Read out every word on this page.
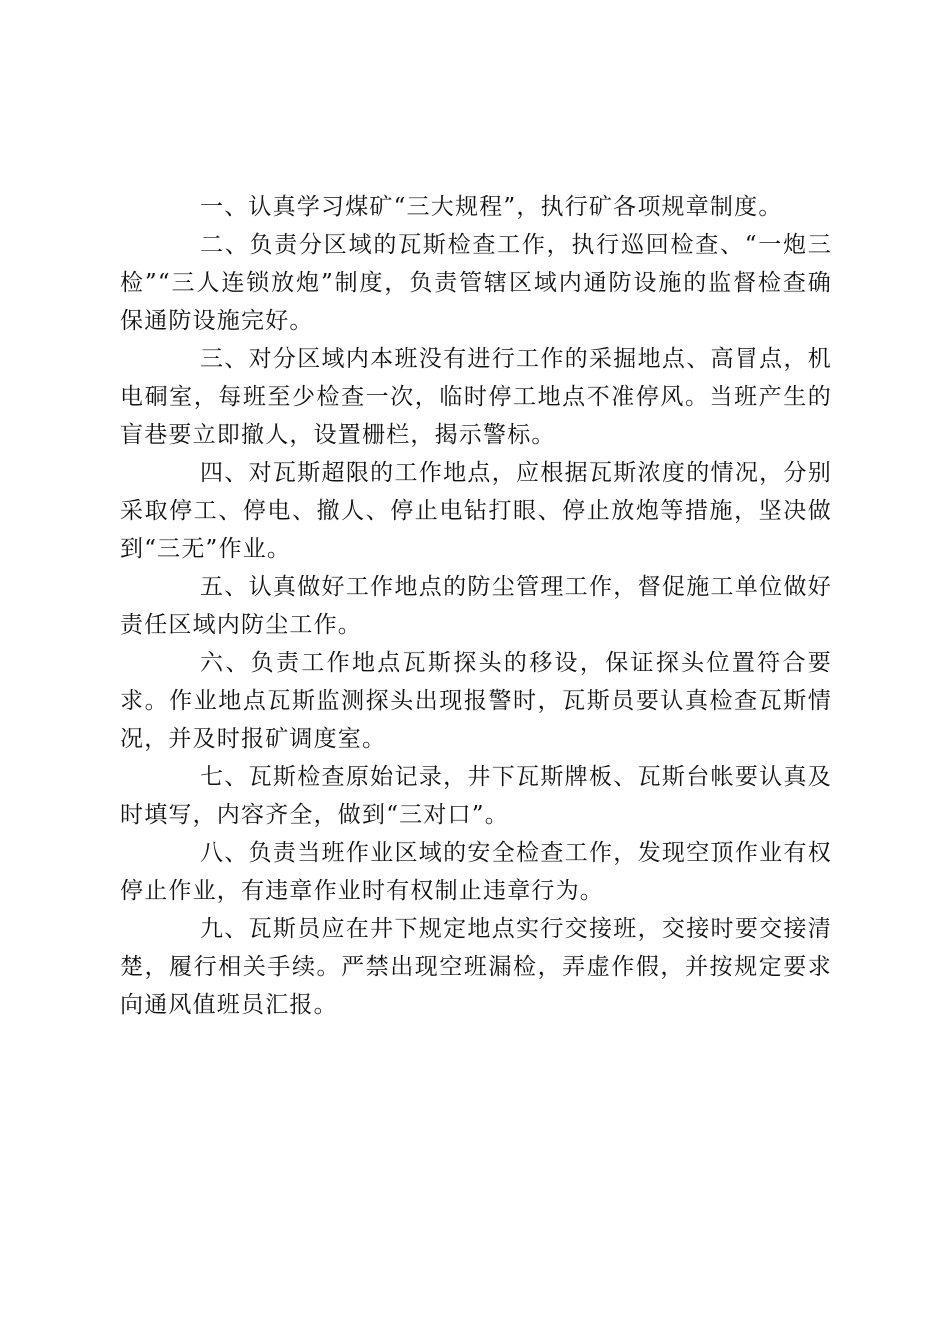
一、认真学习煤矿“三大规程”，执行矿各项规章制度。

二、负责分区域的瓦斯检查工作，执行巡回检查、“一炮三检”“三人连锁放炮”制度，负责管辖区域内通防设施的监督检查确保通防设施完好。

三、对分区域内本班没有进行工作的采掘地点、高冒点，机电硐室，每班至少检查一次，临时停工地点不准停风。当班产生的盲巷要立即撤人，设置栅栏，揭示警标。

四、对瓦斯超限的工作地点，应根据瓦斯浓度的情况，分别采取停工、停电、撤人、停止电钻打眼、停止放炮等措施，坚决做到“三无”作业。

五、认真做好工作地点的防尘管理工作，督促施工单位做好责任区域内防尘工作。

六、负责工作地点瓦斯探头的移设，保证探头位置符合要求。作业地点瓦斯监测探头出现报警时，瓦斯员要认真检查瓦斯情况，并及时报矿调度室。

七、瓦斯检查原始记录，井下瓦斯牌板、瓦斯台帐要认真及时填写，内容齐全，做到“三对口”。

八、负责当班作业区域的安全检查工作，发现空顶作业有权停止作业，有违章作业时有权制止违章行为。

九、瓦斯员应在井下规定地点实行交接班，交接时要交接清楚，履行相关手续。严禁出现空班漏检，弄虚作假，并按规定要求向通风值班员汇报。
